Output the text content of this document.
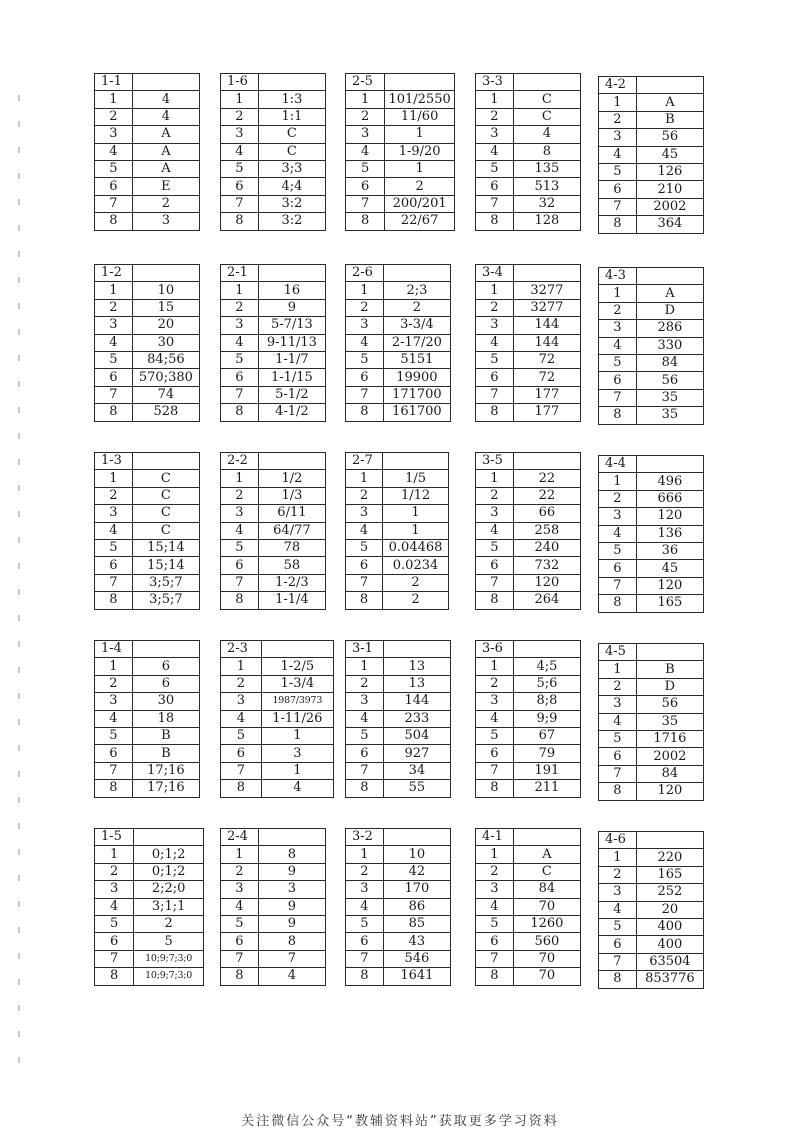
1-1	
1	4
2	4
3	A
4	A
5	A
6	E
7	2
8	3
1-6	
1	1:3
2	1:1
3	C
4	C
5	3;3
6	4;4
7	3:2
8	3:2
2-5	
1	101/2550
2	11/60
3	1
4	1-9/20
5	1
6	2
7	200/201
8	22/67
3-3	
1	C
2	C
3	4
4	8
5	135
6	513
7	32
8	128
4-2	
1	A
2	B
3	56
4	45
5	126
6	210
7	2002
8	364
1-2	
1	10
2	15
3	20
4	30
5	84;56
6	570;380
7	74
8	528
2-1	
1	16
2	9
3	5-7/13
4	9-11/13
5	1-1/7
6	1-1/15
7	5-1/2
8	4-1/2
2-6	
1	2;3
2	2
3	3-3/4
4	2-17/20
5	5151
6	19900
7	171700
8	161700
3-4	
1	3277
2	3277
3	144
4	144
5	72
6	72
7	177
8	177
4-3	
1	A
2	D
3	286
4	330
5	84
6	56
7	35
8	35
1-3	
1	C
2	C
3	C
4	C
5	15;14
6	15;14
7	3;5;7
8	3;5;7
2-2	
1	1/2
2	1/3
3	6/11
4	64/77
5	78
6	58
7	1-2/3
8	1-1/4
2-7	
1	1/5
2	1/12
3	1
4	1
5	0.04468
6	0.0234
7	2
8	2
3-5	
1	22
2	22
3	66
4	258
5	240
6	732
7	120
8	264
4-4	
1	496
2	666
3	120
4	136
5	36
6	45
7	120
8	165
1-4	
1	6
2	6
3	30
4	18
5	B
6	B
7	17;16
8	17;16
2-3	
1	1-2/5
2	1-3/4
3	1987/3973
4	1-11/26
5	1
6	3
7	1
8	4
3-1	
1	13
2	13
3	144
4	233
5	504
6	927
7	34
8	55
3-6	
1	4;5
2	5;6
3	8;8
4	9;9
5	67
6	79
7	191
8	211
4-5	
1	B
2	D
3	56
4	35
5	1716
6	2002
7	84
8	120
1-5	
1	0;1;2
2	0;1;2
3	2;2;0
4	3;1;1
5	2
6	5
7	10;9;7;3;0
8	10;9;7;3;0
2-4	
1	8
2	9
3	3
4	9
5	9
6	8
7	7
8	4
3-2	
1	10
2	42
3	170
4	86
5	85
6	43
7	546
8	1641
4-1	
1	A
2	C
3	84
4	70
5	1260
6	560
7	70
8	70
4-6	
1	220
2	165
3	252
4	20
5	400
6	400
7	63504
8	853776
关注微信公众号“教辅资料站”获取更多学习资料
